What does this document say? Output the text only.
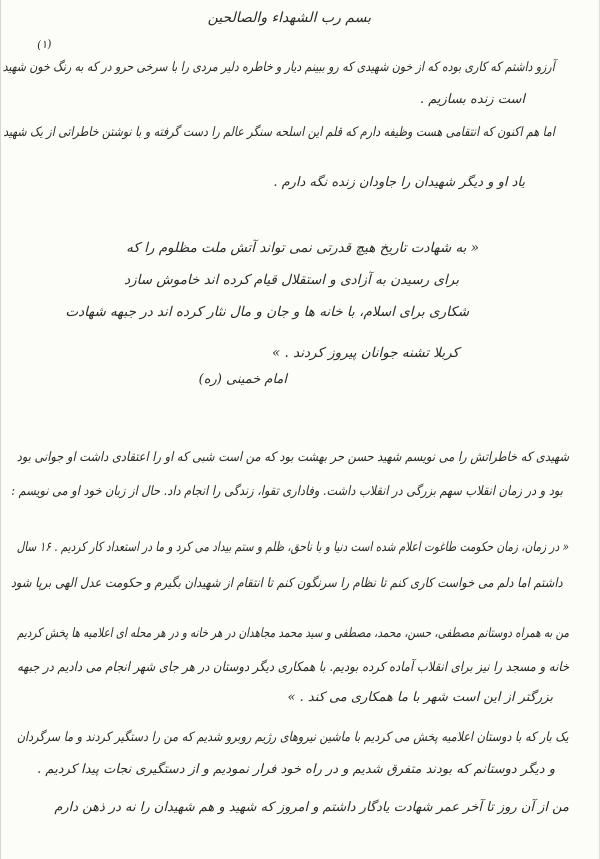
بسم رب الشهداء والصالحین
(۱)
آرزو داشتم که کاری بوده که از خون شهیدی که رو ببینم دیار و خاطره دلیر مردی را با سرخی حرو در که به رنگ خون شهید
است زنده بسازیم .
اما هم اکنون که انتقامی هست وظیفه دارم که قلم این اسلحه سنگر عالم را دست گرفته و با نوشتن خاطراتی از یک شهید
یاد او و دیگر شهیدان را جاودان زنده نگه دارم .
« به شهادت تاریخ هیچ قدرتی نمی تواند آتش ملت مظلوم را که
برای رسیدن به آزادی و استقلال قیام کرده اند خاموش سازد
شکاری برای اسلام، با خانه ها و جان و مال نثار کرده اند در جبهه شهادت
کربلا تشنه جوانان پیروز کردند . »
امام خمینی (ره)
شهیدی که خاطراتش را می نویسم شهید حسن حر بهشت بود که من است شبی که او را اعتقادی داشت او جوانی بود
بود و در زمان انقلاب سهم بزرگی در انقلاب داشت. وفاداری تقوا، زندگی را انجام داد. حال از زبان خود او می نویسم :
« در زمان، زمان حکومت طاغوت اعلام شده است دنیا و با ناحق، ظلم و ستم بیداد می کرد و ما در استعداد کار کردیم . ۱۶ سال
داشتم اما دلم می خواست کاری کنم تا نظام را سرنگون کنم تا انتقام از شهیدان بگیرم و حکومت عدل الهی برپا شود
من به همراه دوستانم مصطفی، حسن، محمد، مصطفی و سید محمد مجاهدان در هر خانه و در هر محله ای اعلامیه ها پخش کردیم
خانه و مسجد را نیز برای انقلاب آماده کرده بودیم. با همکاری دیگر دوستان در هر جای شهر انجام می دادیم در جبهه
بزرگتر از این است شهر با ما همکاری می کند . »
یک بار که با دوستان اعلامیه پخش می کردیم با ماشین نیروهای رژیم روبرو شدیم که من را دستگیر کردند و ما سرگردان
و دیگر دوستانم که بودند متفرق شدیم و در راه خود فرار نمودیم و از دستگیری نجات پیدا کردیم .
من از آن روز تا آخر عمر شهادت یادگار داشتم و امروز که شهید و هم شهیدان را نه در ذهن دارم
